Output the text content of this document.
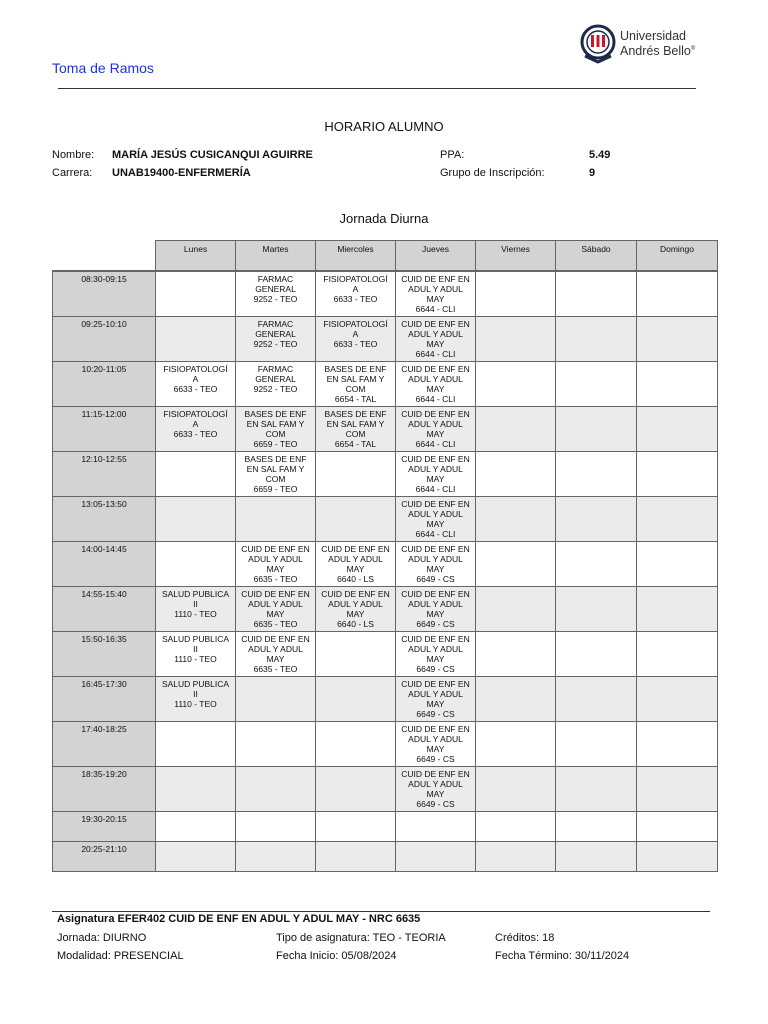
Toma de Ramos
Universidad
Andrés Bello®
HORARIO ALUMNO
Nombre: MARÍA JESÚS CUSICANQUI AGUIRRE
Carrera: UNAB19400-ENFERMERÍA
PPA:	5.49
Grupo de Inscripción:	9
Jornada Diurna
	Lunes	Martes	Miercoles	Jueves	Viernes	Sábado	Domingo

08:30-09:15		FARMAC
GENERAL
9252 - TEO	FISIOPATOLOGÍ
A
6633 - TEO	CUID DE ENF EN
ADUL Y ADUL
MAY
6644 - CLI			
09:25-10:10		FARMAC
GENERAL
9252 - TEO	FISIOPATOLOGÍ
A
6633 - TEO	CUID DE ENF EN
ADUL Y ADUL
MAY
6644 - CLI			
10:20-11:05	FISIOPATOLOGÍ
A
6633 - TEO	FARMAC
GENERAL
9252 - TEO	BASES DE ENF
EN SAL FAM Y
COM
6654 - TAL	CUID DE ENF EN
ADUL Y ADUL
MAY
6644 - CLI			
11:15-12:00	FISIOPATOLOGÍ
A
6633 - TEO	BASES DE ENF
EN SAL FAM Y
COM
6659 - TEO	BASES DE ENF
EN SAL FAM Y
COM
6654 - TAL	CUID DE ENF EN
ADUL Y ADUL
MAY
6644 - CLI			
12:10-12:55		BASES DE ENF
EN SAL FAM Y
COM
6659 - TEO		CUID DE ENF EN
ADUL Y ADUL
MAY
6644 - CLI			
13:05-13:50				CUID DE ENF EN
ADUL Y ADUL
MAY
6644 - CLI			
14:00-14:45		CUID DE ENF EN
ADUL Y ADUL
MAY
6635 - TEO	CUID DE ENF EN
ADUL Y ADUL
MAY
6640 - LS	CUID DE ENF EN
ADUL Y ADUL
MAY
6649 - CS			
14:55-15:40	SALUD PUBLICA
II
1110 - TEO	CUID DE ENF EN
ADUL Y ADUL
MAY
6635 - TEO	CUID DE ENF EN
ADUL Y ADUL
MAY
6640 - LS	CUID DE ENF EN
ADUL Y ADUL
MAY
6649 - CS			
15:50-16:35	SALUD PUBLICA
II
1110 - TEO	CUID DE ENF EN
ADUL Y ADUL
MAY
6635 - TEO		CUID DE ENF EN
ADUL Y ADUL
MAY
6649 - CS			
16:45-17:30	SALUD PUBLICA
II
1110 - TEO			CUID DE ENF EN
ADUL Y ADUL
MAY
6649 - CS			
17:40-18:25				CUID DE ENF EN
ADUL Y ADUL
MAY
6649 - CS			
18:35-19:20				CUID DE ENF EN
ADUL Y ADUL
MAY
6649 - CS			
19:30-20:15							
20:25-21:10							
Asignatura EFER402 CUID DE ENF EN ADUL Y ADUL MAY - NRC 6635
Jornada: DIURNO	Tipo de asignatura: TEO - TEORIA	Créditos: 18
Modalidad: PRESENCIAL	Fecha Inicio: 05/08/2024	Fecha Término: 30/11/2024
